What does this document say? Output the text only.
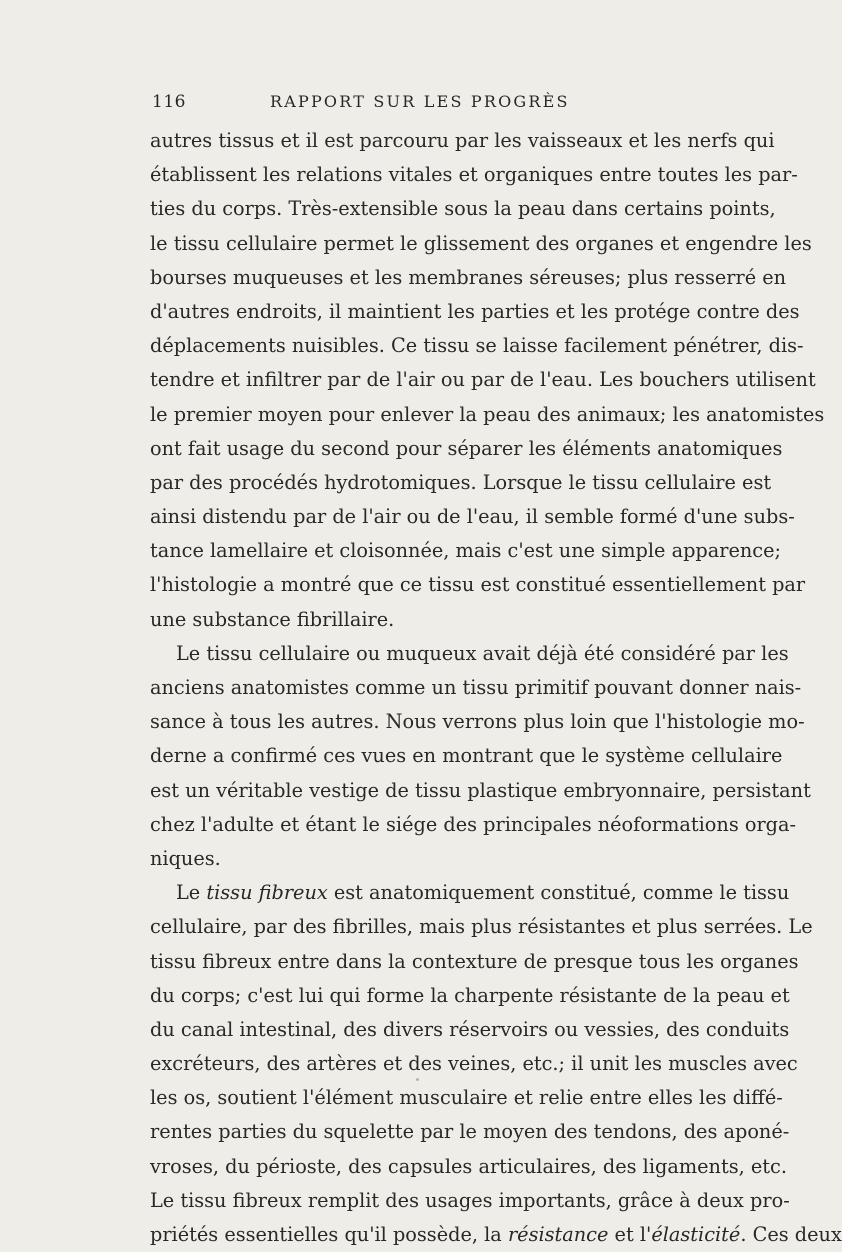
116	RAPPORT SUR LES PROGRÈS
autres tissus et il est parcouru par les vaisseaux et les nerfs qui
établissent les relations vitales et organiques entre toutes les par-
ties du corps. Très-extensible sous la peau dans certains points,
le tissu cellulaire permet le glissement des organes et engendre les
bourses muqueuses et les membranes séreuses; plus resserré en
d'autres endroits, il maintient les parties et les protége contre des
déplacements nuisibles. Ce tissu se laisse facilement pénétrer, dis-
tendre et infiltrer par de l'air ou par de l'eau. Les bouchers utilisent
le premier moyen pour enlever la peau des animaux; les anatomistes
ont fait usage du second pour séparer les éléments anatomiques
par des procédés hydrotomiques. Lorsque le tissu cellulaire est
ainsi distendu par de l'air ou de l'eau, il semble formé d'une subs-
tance lamellaire et cloisonnée, mais c'est une simple apparence;
l'histologie a montré que ce tissu est constitué essentiellement par
une substance fibrillaire.
Le tissu cellulaire ou muqueux avait déjà été considéré par les
anciens anatomistes comme un tissu primitif pouvant donner nais-
sance à tous les autres. Nous verrons plus loin que l'histologie mo-
derne a confirmé ces vues en montrant que le système cellulaire
est un véritable vestige de tissu plastique embryonnaire, persistant
chez l'adulte et étant le siége des principales néoformations orga-
niques.
Le tissu fibreux est anatomiquement constitué, comme le tissu
cellulaire, par des fibrilles, mais plus résistantes et plus serrées. Le
tissu fibreux entre dans la contexture de presque tous les organes
du corps; c'est lui qui forme la charpente résistante de la peau et
du canal intestinal, des divers réservoirs ou vessies, des conduits
excréteurs, des artères et des veines, etc.; il unit les muscles avec
les os, soutient l'élément musculaire et relie entre elles les diffé-
rentes parties du squelette par le moyen des tendons, des aponé-
vroses, du périoste, des capsules articulaires, des ligaments, etc.
Le tissu fibreux remplit des usages importants, grâce à deux pro-
priétés essentielles qu'il possède, la résistance et l'élasticité. Ces deux
